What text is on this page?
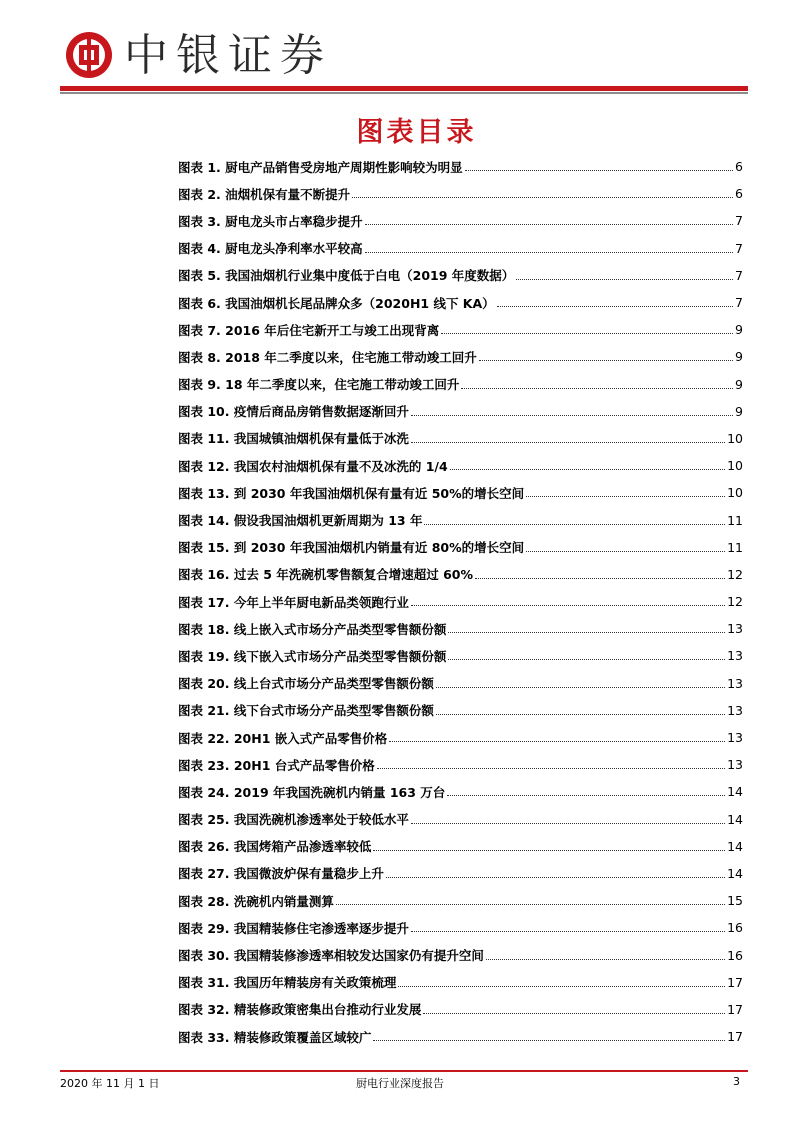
中银证券
图表目录
图表 1. 厨电产品销售受房地产周期性影响较为明显	6
图表 2. 油烟机保有量不断提升	6
图表 3. 厨电龙头市占率稳步提升	7
图表 4. 厨电龙头净利率水平较高	7
图表 5. 我国油烟机行业集中度低于白电（2019 年度数据）	7
图表 6. 我国油烟机长尾品牌众多（2020H1 线下 KA）	7
图表 7. 2016 年后住宅新开工与竣工出现背离	9
图表 8. 2018 年二季度以来，住宅施工带动竣工回升	9
图表 9. 18 年二季度以来，住宅施工带动竣工回升	9
图表 10. 疫情后商品房销售数据逐渐回升	9
图表 11. 我国城镇油烟机保有量低于冰洗	10
图表 12. 我国农村油烟机保有量不及冰洗的 1/4	10
图表 13. 到 2030 年我国油烟机保有量有近 50%的增长空间	10
图表 14. 假设我国油烟机更新周期为 13 年	11
图表 15. 到 2030 年我国油烟机内销量有近 80%的增长空间	11
图表 16. 过去 5 年洗碗机零售额复合增速超过 60%	12
图表 17. 今年上半年厨电新品类领跑行业	12
图表 18. 线上嵌入式市场分产品类型零售额份额	13
图表 19. 线下嵌入式市场分产品类型零售额份额	13
图表 20. 线上台式市场分产品类型零售额份额	13
图表 21. 线下台式市场分产品类型零售额份额	13
图表 22. 20H1 嵌入式产品零售价格	13
图表 23. 20H1 台式产品零售价格	13
图表 24. 2019 年我国洗碗机内销量 163 万台	14
图表 25. 我国洗碗机渗透率处于较低水平	14
图表 26. 我国烤箱产品渗透率较低	14
图表 27. 我国微波炉保有量稳步上升	14
图表 28. 洗碗机内销量测算	15
图表 29. 我国精装修住宅渗透率逐步提升	16
图表 30. 我国精装修渗透率相较发达国家仍有提升空间	16
图表 31. 我国历年精装房有关政策梳理	17
图表 32. 精装修政策密集出台推动行业发展	17
图表 33. 精装修政策覆盖区域较广	17
2020 年 11 月 1 日	厨电行业深度报告	3
